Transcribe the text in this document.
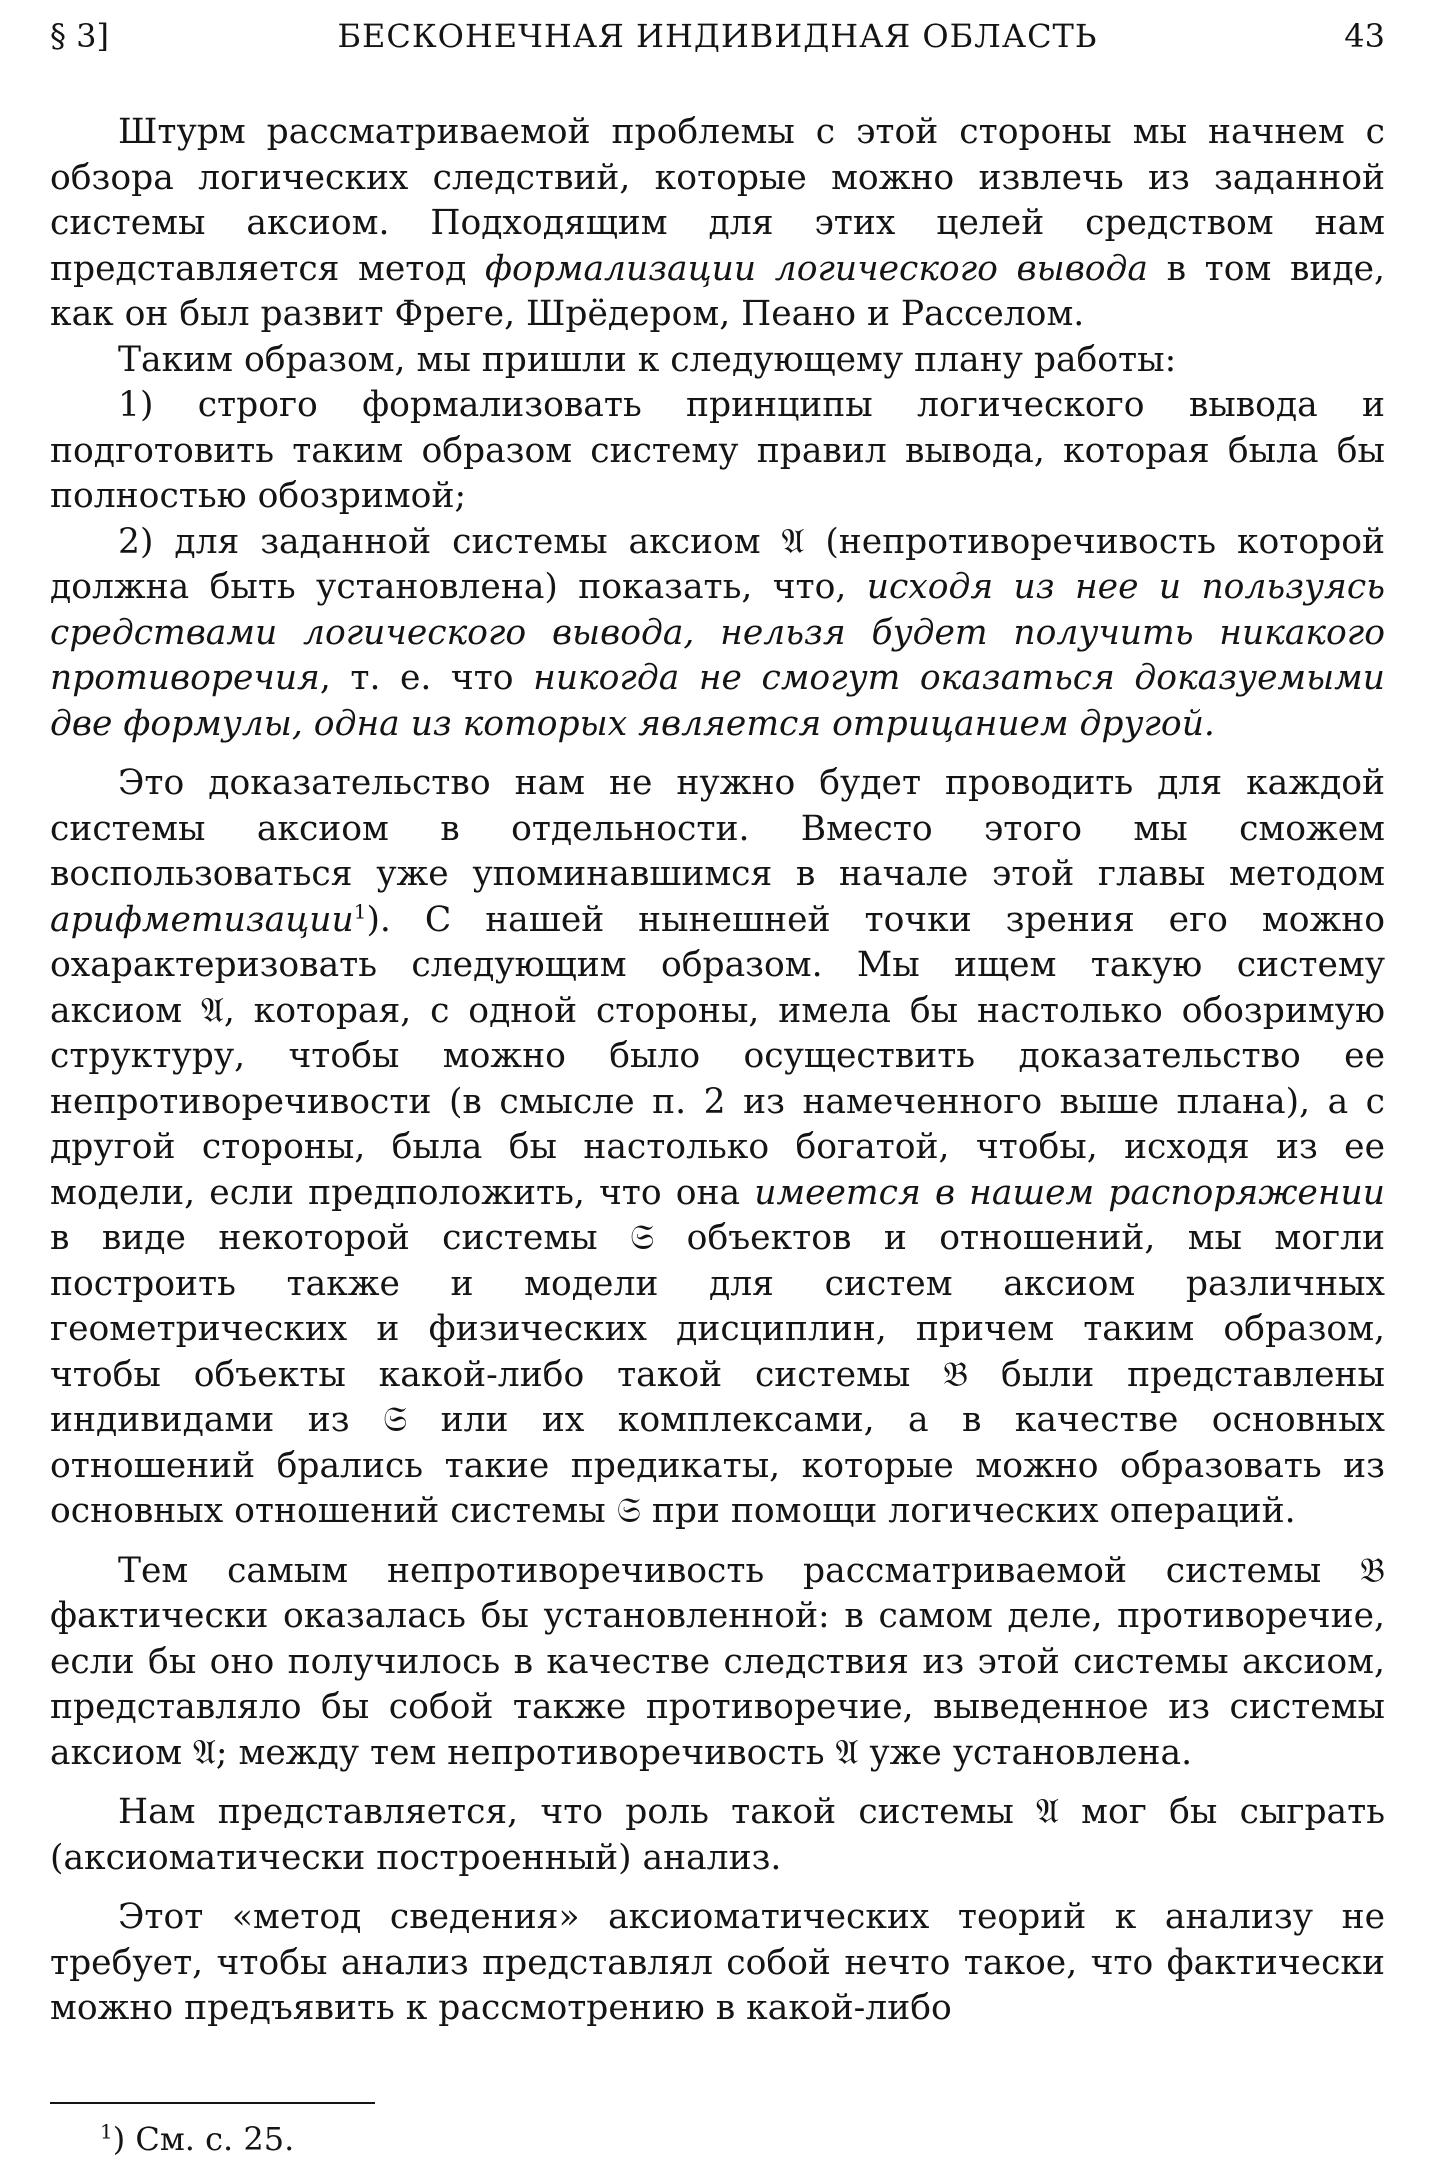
§ 3]	БЕСКОНЕЧНАЯ ИНДИВИДНАЯ ОБЛАСТЬ	43

Штурм рассматриваемой проблемы с этой стороны мы начнем с обзора логических следствий, которые можно извлечь из заданной системы аксиом. Подходящим для этих целей средством нам представляется метод формализации логического вывода в том виде, как он был развит Фреге, Шрёдером, Пеано и Расселом.

Таким образом, мы пришли к следующему плану работы:

1) строго формализовать принципы логического вывода и подготовить таким образом систему правил вывода, которая была бы полностью обозримой;

2) для заданной системы аксиом 𝔄 (непротиворечивость которой должна быть установлена) показать, что, исходя из нее и пользуясь средствами логического вывода, нельзя будет получить никакого противоречия, т. е. что никогда не смогут оказаться доказуемыми две формулы, одна из которых является отрицанием другой.

Это доказательство нам не нужно будет проводить для каждой системы аксиом в отдельности. Вместо этого мы сможем воспользоваться уже упоминавшимся в начале этой главы методом арифметизации$^1$). С нашей нынешней точки зрения его можно охарактеризовать следующим образом. Мы ищем такую систему аксиом 𝔄, которая, с одной стороны, имела бы настолько обозримую структуру, чтобы можно было осуществить доказательство ее непротиворечивости (в смысле п. 2 из намеченного выше плана), а с другой стороны, была бы настолько богатой, чтобы, исходя из ее модели, если предположить, что она имеется в нашем распоряжении в виде некоторой системы 𝔖 объектов и отношений, мы могли построить также и модели для систем аксиом различных геометрических и физических дисциплин, причем таким образом, чтобы объекты какой-либо такой системы 𝔅 были представлены индивидами из 𝔖 или их комплексами, а в качестве основных отношений брались такие предикаты, которые можно образовать из основных отношений системы 𝔖 при помощи логических операций.

Тем самым непротиворечивость рассматриваемой системы 𝔅 фактически оказалась бы установленной: в самом деле, противоречие, если бы оно получилось в качестве следствия из этой системы аксиом, представляло бы собой также противоречие, выведенное из системы аксиом 𝔄; между тем непротиворечивость 𝔄 уже установлена.

Нам представляется, что роль такой системы 𝔄 мог бы сыграть (аксиоматически построенный) анализ.

Этот «метод сведения» аксиоматических теорий к анализу не требует, чтобы анализ представлял собой нечто такое, что фактически можно предъявить к рассмотрению в какой-либо

$^1$) См. с. 25.
